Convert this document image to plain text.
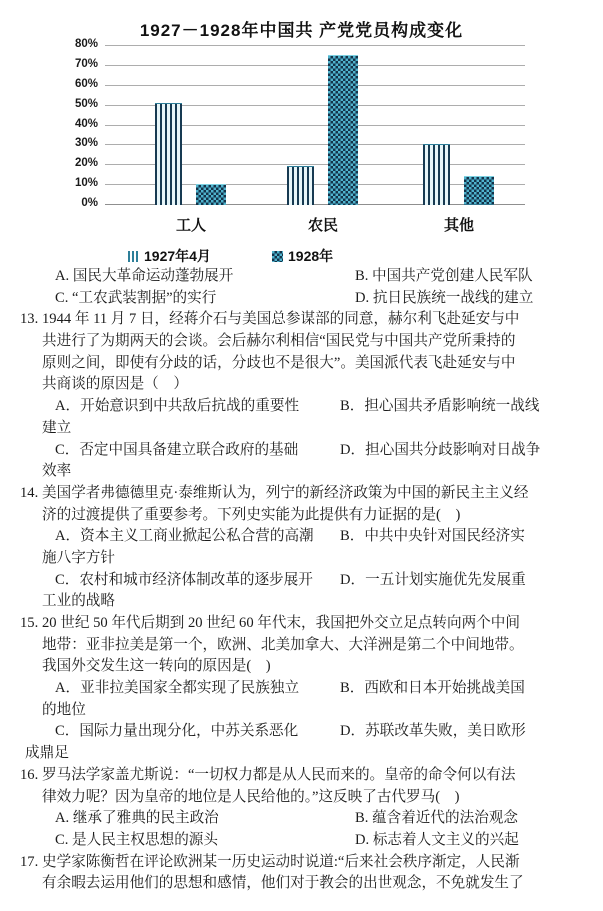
1927－1928年中国共 产党党员构成变化
0%
10%
20%
30%
40%
50%
60%
70%
80%
工人	农民	其他
1927年4月	1928年
A. 国民大革命运动蓬勃展开	B. 中国共产党创建人民军队
C. “工农武装割据”的实行	D. 抗日民族统一战线的建立
13. 1944 年 11 月 7 日，经蒋介石与美国总参谋部的同意，赫尔利飞赴延安与中
共进行了为期两天的会谈。会后赫尔利相信“国民党与中国共产党所秉持的
原则之间，即使有分歧的话，分歧也不是很大”。美国派代表飞赴延安与中
共商谈的原因是（　）
A．开始意识到中共敌后抗战的重要性	B．担心国共矛盾影响统一战线
建立
C．否定中国具备建立联合政府的基础	D．担心国共分歧影响对日战争
效率
14. 美国学者弗德德里克·泰维斯认为，列宁的新经济政策为中国的新民主主义经
济的过渡提供了重要参考。下列史实能为此提供有力证据的是(　)
A．资本主义工商业掀起公私合营的高潮 B．中共中央针对国民经济实
施八字方针
C．农村和城市经济体制改革的逐步展开 D．一五计划实施优先发展重
工业的战略
15. 20 世纪 50 年代后期到 20 世纪 60 年代末，我国把外交立足点转向两个中间
地带：亚非拉美是第一个，欧洲、北美加拿大、大洋洲是第二个中间地带。
我国外交发生这一转向的原因是(　)
A．亚非拉美国家全都实现了民族独立	B．西欧和日本开始挑战美国
的地位
C．国际力量出现分化，中苏关系恶化	D．苏联改革失败，美日欧形
成鼎足
16. 罗马法学家盖尤斯说：“一切权力都是从人民而来的。皇帝的命令何以有法
律效力呢？因为皇帝的地位是人民给他的。”这反映了古代罗马(　)
A. 继承了雅典的民主政治	B. 蕴含着近代的法治观念
C. 是人民主权思想的源头	D. 标志着人文主义的兴起
17. 史学家陈衡哲在评论欧洲某一历史运动时说道:“后来社会秩序渐定，人民渐
有余暇去运用他们的思想和感情，他们对于教会的出世观念，不免就发生了
